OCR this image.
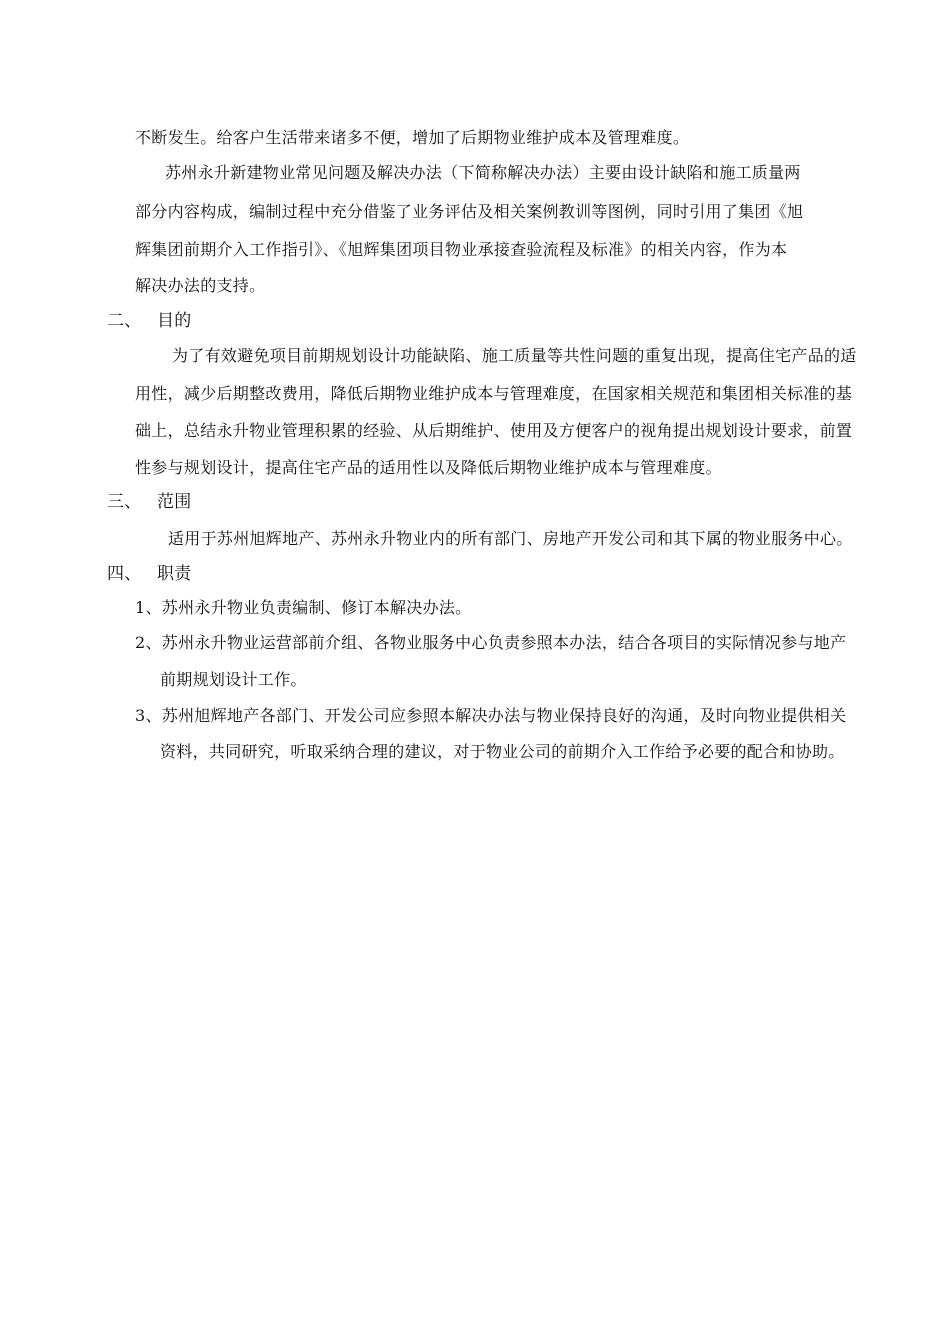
不断发生。给客户生活带来诸多不便，增加了后期物业维护成本及管理难度。
苏州永升新建物业常见问题及解决办法（下简称解决办法）主要由设计缺陷和施工质量两
部分内容构成，编制过程中充分借鉴了业务评估及相关案例教训等图例，同时引用了集团《旭
辉集团前期介入工作指引》、《旭辉集团项目物业承接查验流程及标准》的相关内容，作为本
解决办法的支持。
二、 目的
为了有效避免项目前期规划设计功能缺陷、施工质量等共性问题的重复出现，提高住宅产品的适
用性，减少后期整改费用，降低后期物业维护成本与管理难度，在国家相关规范和集团相关标准的基
础上，总结永升物业管理积累的经验、从后期维护、使用及方便客户的视角提出规划设计要求，前置
性参与规划设计，提高住宅产品的适用性以及降低后期物业维护成本与管理难度。
三、 范围
适用于苏州旭辉地产、苏州永升物业内的所有部门、房地产开发公司和其下属的物业服务中心。
四、 职责
1、苏州永升物业负责编制、修订本解决办法。
2、苏州永升物业运营部前介组、各物业服务中心负责参照本办法，结合各项目的实际情况参与地产
前期规划设计工作。
3、苏州旭辉地产各部门、开发公司应参照本解决办法与物业保持良好的沟通，及时向物业提供相关
资料，共同研究，听取采纳合理的建议，对于物业公司的前期介入工作给予必要的配合和协助。
